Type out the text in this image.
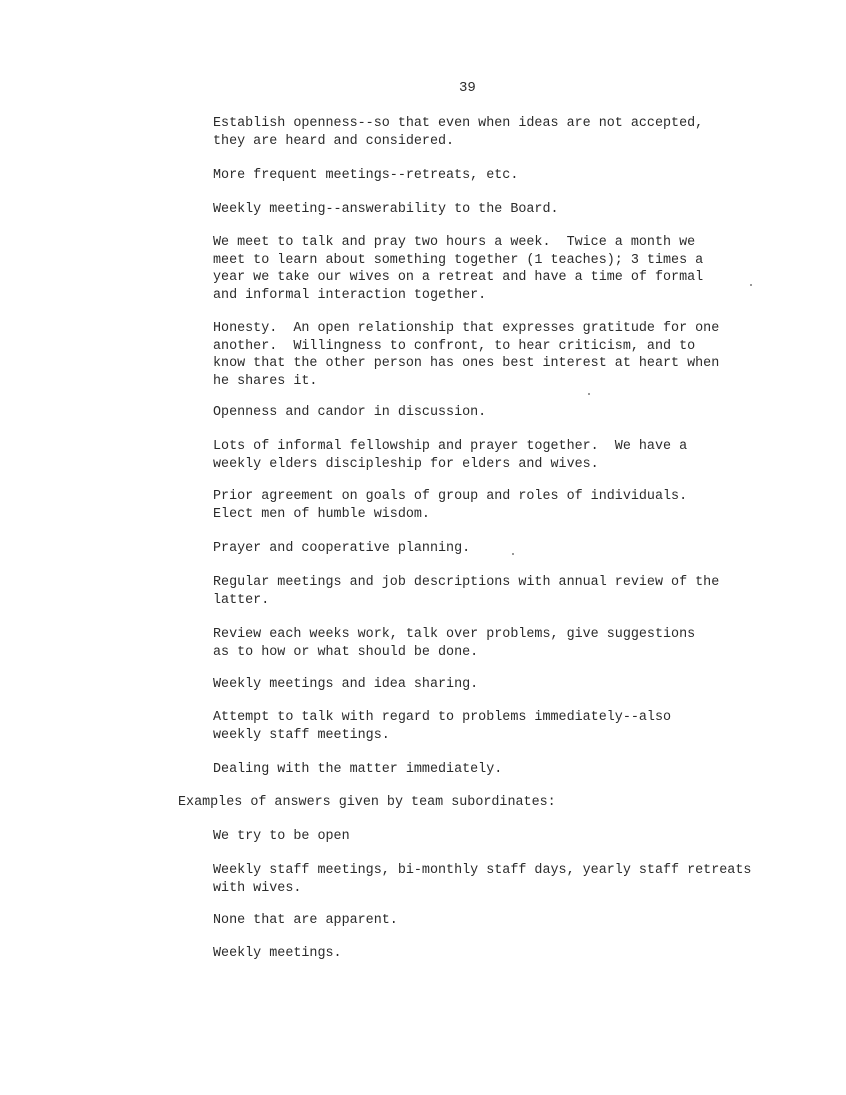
39

Establish openness--so that even when ideas are not accepted,
they are heard and considered.

More frequent meetings--retreats, etc.

Weekly meeting--answerability to the Board.

We meet to talk and pray two hours a week.  Twice a month we
meet to learn about something together (1 teaches); 3 times a
year we take our wives on a retreat and have a time of formal
and informal interaction together.

Honesty.  An open relationship that expresses gratitude for one
another.  Willingness to confront, to hear criticism, and to
know that the other person has ones best interest at heart when
he shares it.

Openness and candor in discussion.

Lots of informal fellowship and prayer together.  We have a
weekly elders discipleship for elders and wives.

Prior agreement on goals of group and roles of individuals.
Elect men of humble wisdom.

Prayer and cooperative planning.

Regular meetings and job descriptions with annual review of the
latter.

Review each weeks work, talk over problems, give suggestions
as to how or what should be done.

Weekly meetings and idea sharing.

Attempt to talk with regard to problems immediately--also
weekly staff meetings.

Dealing with the matter immediately.

Examples of answers given by team subordinates:

We try to be open

Weekly staff meetings, bi-monthly staff days, yearly staff retreats
with wives.

None that are apparent.

Weekly meetings.
